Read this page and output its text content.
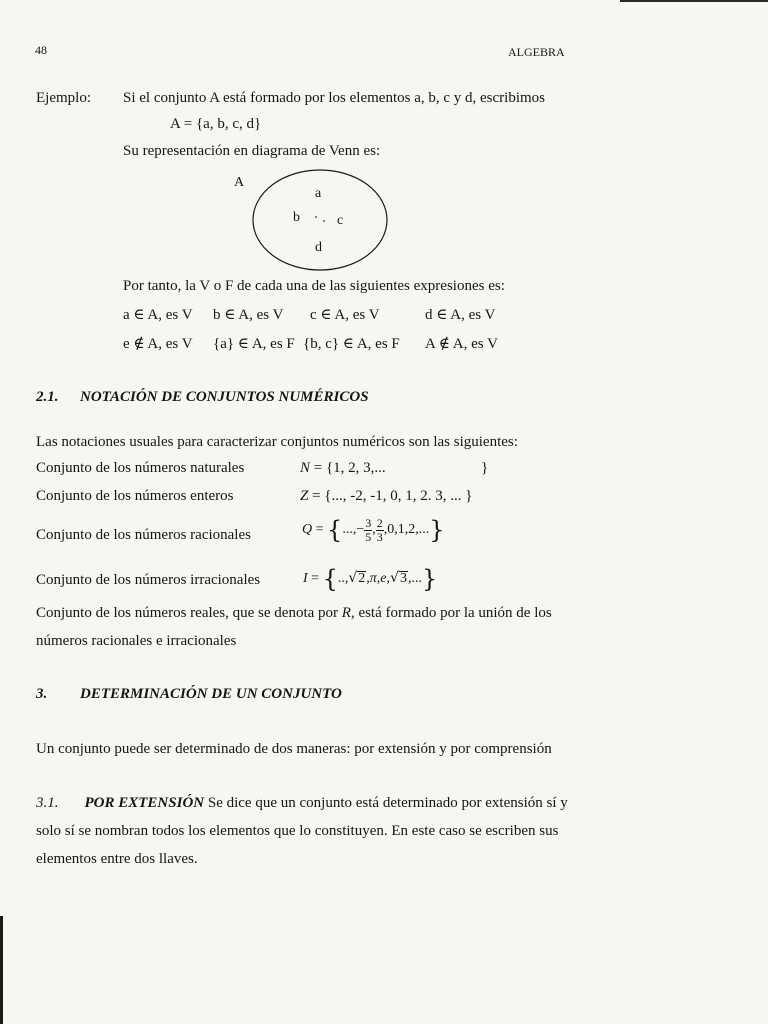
48	ALGEBRA
Ejemplo: Si el conjunto A está formado por los elementos a, b, c y d, escribimos
A = {a, b, c, d}
Su representación en diagrama de Venn es:
A
a
b	c
d
Por tanto, la V o F de cada una de las siguientes expresiones es:
a ∈ A, es V b ∈ A, es V c ∈ A, es V	d ∈ A, es V
e ∉ A, es V {a} ∈ A, es F {b, c} ∈ A, es F A ∉ A, es V
2.1. NOTACIÓN DE CONJUNTOS NUMÉRICOS
Las notaciones usuales para caracterizar conjuntos numéricos son las siguientes:
Conjunto de los números naturales	N = {1, 2, 3,...	}
Conjunto de los números enteros	Z = {..., -2, -1, 0, 1, 2. 3, ... }
Conjunto de los números racionales	Q = {...,− $\frac{3}{5}$ , $\frac{2}{3} ,0,1,2$,...}
Conjunto de los números irracionales	I = {..,√2,π,e,√3,...}
Conjunto de los números reales, que se denota por R, está formado por la unión de los
números racionales e irracionales
3. DETERMINACIÓN DE UN CONJUNTO
Un conjunto puede ser determinado de dos maneras: por extensión y por comprensión
3.1. POR EXTENSIÓN Se dice que un conjunto está determinado por extensión sí y
solo sí se nombran todos los elementos que lo constituyen. En este caso se escriben sus
elementos entre dos llaves.
